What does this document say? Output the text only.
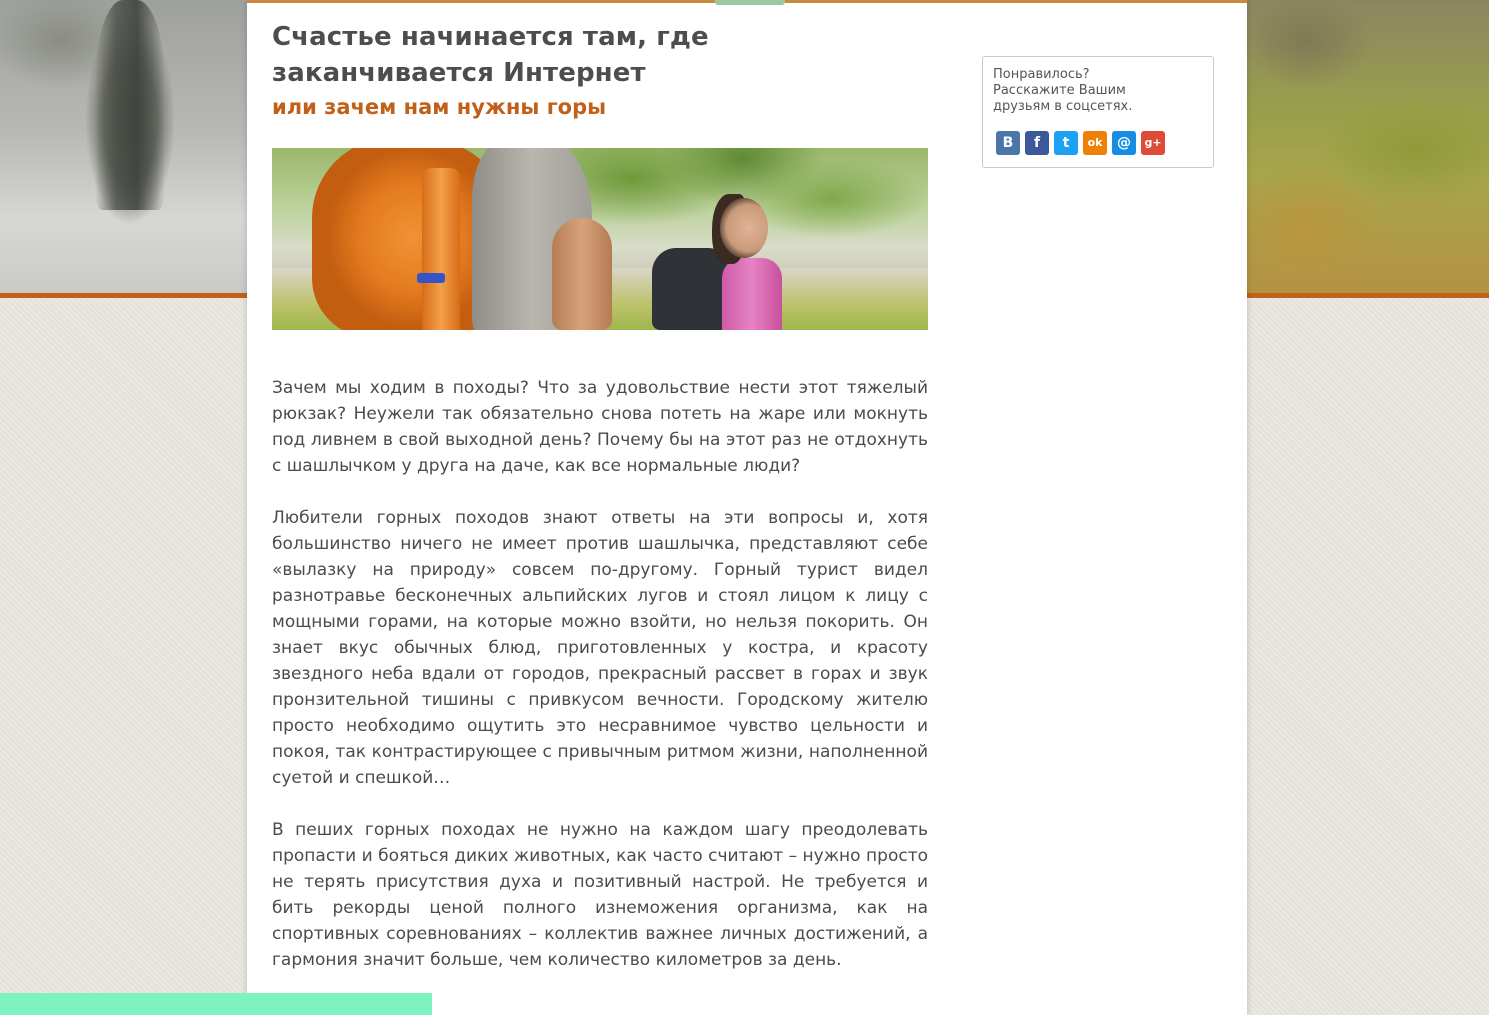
Счастье начинается там, где заканчивается Интернет
или зачем нам нужны горы

Зачем мы ходим в походы? Что за удовольствие нести этот тяжелый рюкзак? Неужели так обязательно снова потеть на жаре или мокнуть под ливнем в свой выходной день? Почему бы на этот раз не отдохнуть с шашлычком у друга на даче, как все нормальные люди?

Любители горных походов знают ответы на эти вопросы и, хотя большинство ничего не имеет против шашлычка, представляют себе «вылазку на природу» совсем по-другому. Горный турист видел разнотравье бесконечных альпийских лугов и стоял лицом к лицу с мощными горами, на которые можно взойти, но нельзя покорить. Он знает вкус обычных блюд, приготовленных у костра, и красоту звездного неба вдали от городов, прекрасный рассвет в горах и звук пронзительной тишины с привкусом вечности. Городскому жителю просто необходимо ощутить это несравнимое чувство цельности и покоя, так контрастирующее с привычным ритмом жизни, наполненной суетой и спешкой…

В пеших горных походах не нужно на каждом шагу преодолевать пропасти и бояться диких животных, как часто считают – нужно просто не терять присутствия духа и позитивный настрой. Не требуется и бить рекорды ценой полного изнеможения организма, как на спортивных соревнованиях – коллектив важнее личных достижений, а гармония значит больше, чем количество километров за день.

Понравилось? Расскажите Вашим друзьям в соцсетях.
B	f	t	ok	@	g+
